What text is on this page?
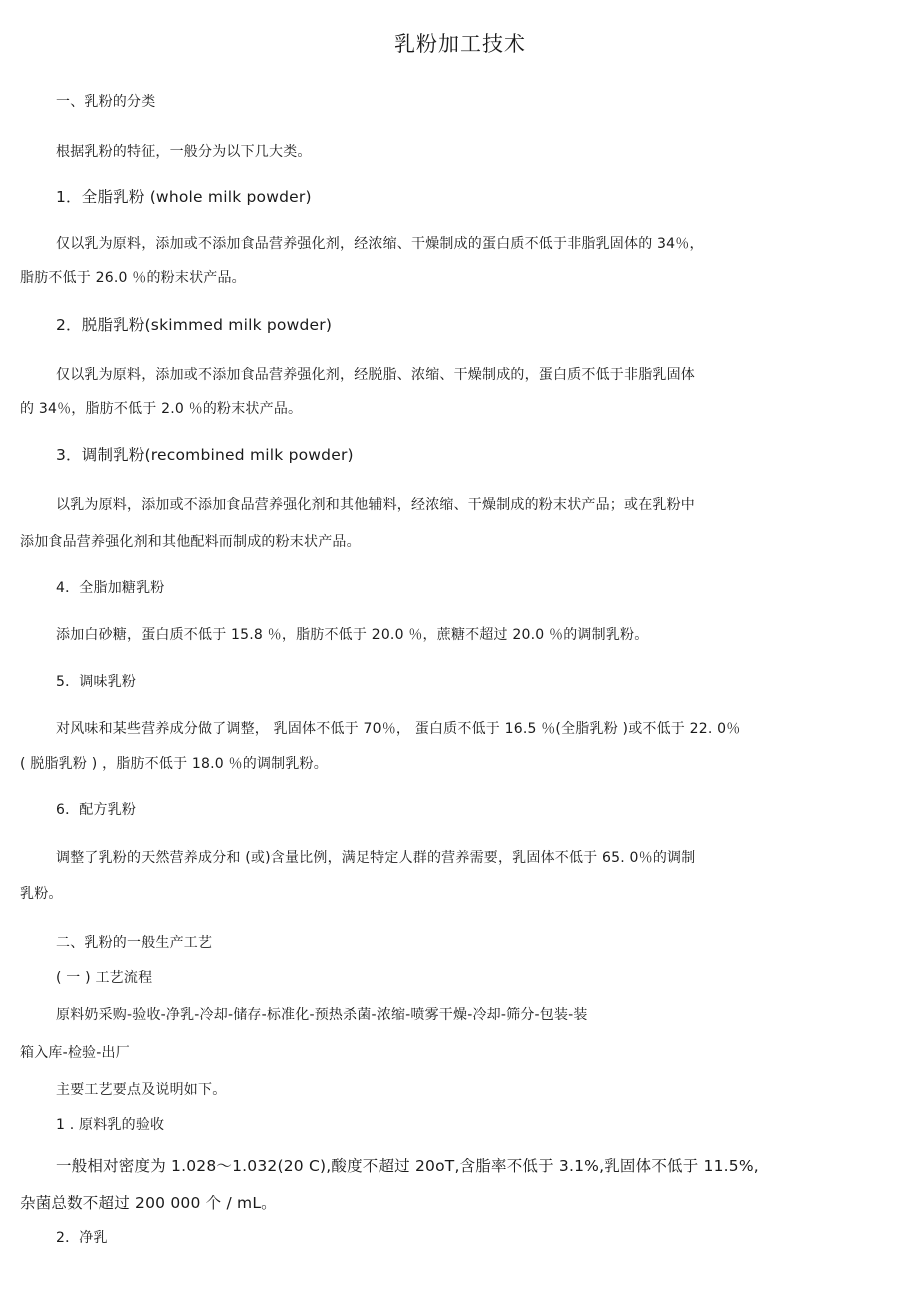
乳粉加工技术
一、乳粉的分类
根据乳粉的特征，一般分为以下几大类。
1．全脂乳粉 (whole milk powder)
仅以乳为原料，添加或不添加食品营养强化剂，经浓缩、干燥制成的蛋白质不低于非脂乳固体的 34％，
脂肪不低于 26.0 ％的粉末状产品。
2．脱脂乳粉(skimmed milk powder)
仅以乳为原料，添加或不添加食品营养强化剂，经脱脂、浓缩、干燥制成的，蛋白质不低于非脂乳固体
的 34％，脂肪不低于 2.0 ％的粉末状产品。
3．调制乳粉(recombined milk powder)
以乳为原料，添加或不添加食品营养强化剂和其他辅料，经浓缩、干燥制成的粉末状产品；或在乳粉中
添加食品营养强化剂和其他配料而制成的粉末状产品。
4．全脂加糖乳粉
添加白砂糖，蛋白质不低于 15.8 ％，脂肪不低于 20.0 ％，蔗糖不超过 20.0 ％的调制乳粉。
5．调味乳粉
对风味和某些营养成分做了调整， 乳固体不低于 70％， 蛋白质不低于 16.5 ％(全脂乳粉 )或不低于 22. 0％
( 脱脂乳粉 ) ，脂肪不低于 18.0 ％的调制乳粉。
6．配方乳粉
调整了乳粉的天然营养成分和 (或)含量比例，满足特定人群的营养需要，乳固体不低于 65. 0％的调制
乳粉。
二、乳粉的一般生产工艺
( 一 ) 工艺流程
原料奶采购-验收-净乳-冷却-储存-标准化-预热杀菌-浓缩-喷雾干燥-冷却-筛分-包装-装
箱入库-检验-出厂
主要工艺要点及说明如下。
1 . 原料乳的验收
一般相对密度为 1.028〜1.032(20 C),酸度不超过 20oT,含脂率不低于 3.1%,乳固体不低于 11.5%,
杂菌总数不超过 200 000 个 / mL。
2．净乳
